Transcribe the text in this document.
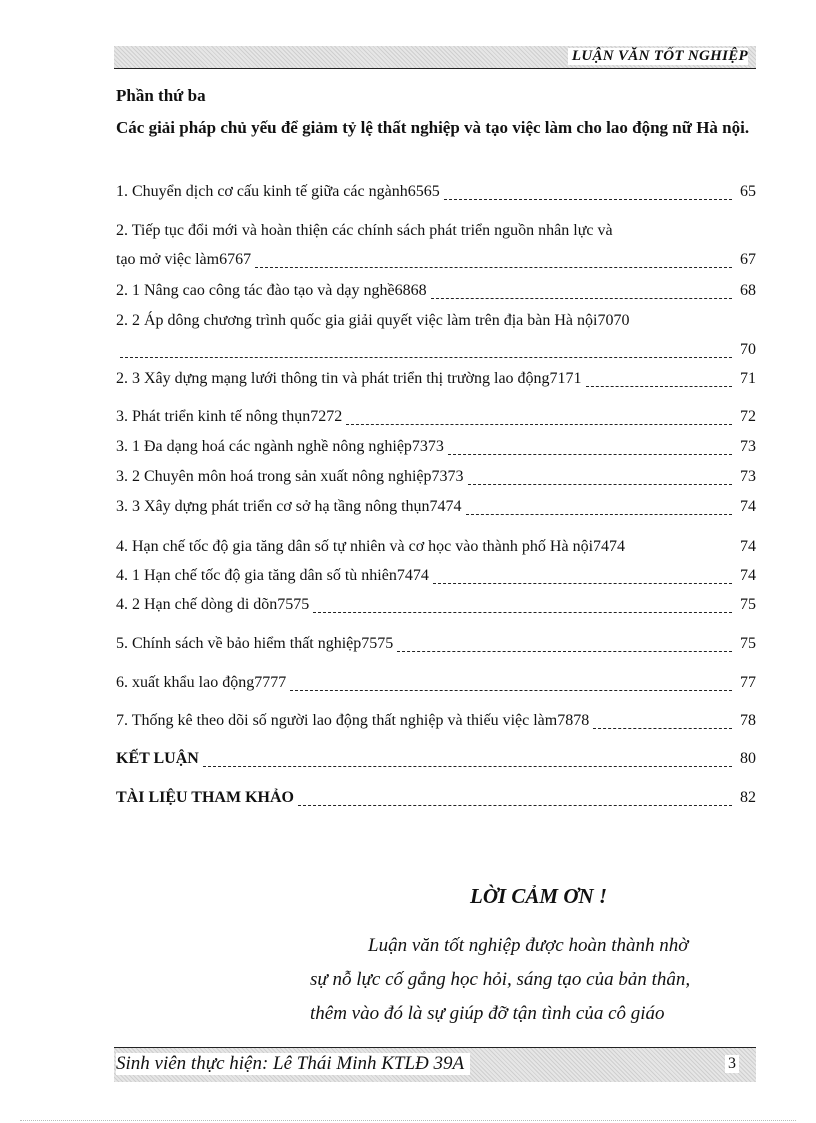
LUẬN VĂN TỐT NGHIỆP
Phần thứ ba
Các giải pháp chủ yếu để giảm tỷ lệ thất nghiệp và tạo việc làm cho lao động nữ Hà nội.
1. Chuyển dịch cơ cấu kinh tế giữa các ngành6565	65
2. Tiếp tục đổi mới và hoàn thiện các chính sách phát triển nguồn nhân lực và
tạo mở việc làm6767	67
2. 1 Nâng cao công tác đào tạo và dạy nghề6868	68
2. 2 Áp dông chương trình quốc gia giải quyết việc làm trên địa bàn Hà nội7070
70
2. 3 Xây dựng mạng lưới thông tin và phát triển thị trường lao động7171	71
3. Phát triển kinh tế nông thụn7272	72
3. 1 Đa dạng hoá các ngành nghề nông nghiệp7373	73
3. 2 Chuyên môn hoá trong sản xuất nông nghiệp7373	73
3. 3 Xây dựng phát triển cơ sở hạ tầng nông thụn7474	74
4. Hạn chế tốc độ gia tăng dân số tự nhiên và cơ học vào thành phố Hà nội7474	74
4. 1 Hạn chế tốc độ gia tăng dân số tù nhiên7474	74
4. 2 Hạn chế dòng di dõn7575	75
5. Chính sách về bảo hiểm thất nghiệp7575	75
6. xuất khẩu lao động7777	77
7. Thống kê theo dõi số người lao động thất nghiệp và thiếu việc làm7878	78
KẾT LUẬN	80
TÀI LIỆU THAM KHẢO	82
LỜI CẢM ƠN !
Luận văn tốt nghiệp được hoàn thành nhờ
sự nỗ lực cố gắng học hỏi, sáng tạo của bản thân,
thêm vào đó là sự giúp đỡ tận tình của cô giáo
Sinh viên thực hiện: Lê Thái Minh KTLĐ 39A	3
